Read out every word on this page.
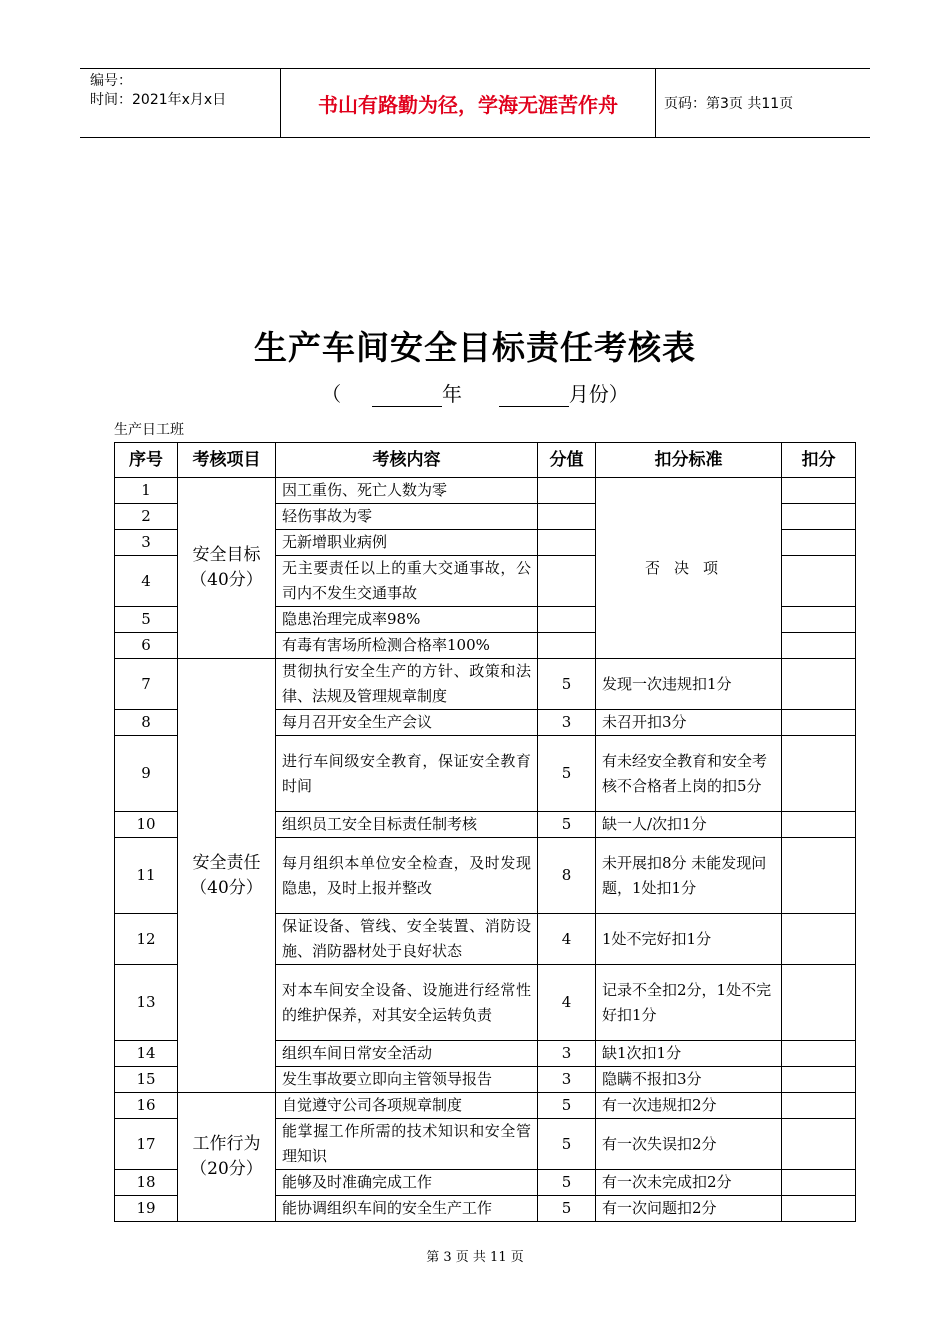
编号：
时间：2021年x月x日	书山有路勤为径，学海无涯苦作舟	页码：第3页 共11页
生产车间安全目标责任考核表
（	年	月份）
生产日工班
序号	考核项目	考核内容	分值	扣分标准	扣分
1	安全目标（40分）	因工重伤、死亡人数为零		否决项	
2		轻伤事故为零			
3		无新增职业病例			
4		无主要责任以上的重大交通事故，公司内不发生交通事故			
5		隐患治理完成率98%			
6		有毒有害场所检测合格率100%			
7	安全责任（40分）	贯彻执行安全生产的方针、政策和法律、法规及管理规章制度	5	发现一次违规扣1分	
8		每月召开安全生产会议	3	未召开扣3分	
9		进行车间级安全教育，保证安全教育时间	5	有未经安全教育和安全考核不合格者上岗的扣5分	
10		组织员工安全目标责任制考核	5	缺一人/次扣1分	
11		每月组织本单位安全检查，及时发现隐患，及时上报并整改	8	未开展扣8分 未能发现问题，1处扣1分	
12		保证设备、管线、安全装置、消防设施、消防器材处于良好状态	4	1处不完好扣1分	
13		对本车间安全设备、设施进行经常性的维护保养，对其安全运转负责	4	记录不全扣2分，1处不完好扣1分	
14		组织车间日常安全活动	3	缺1次扣1分	
15		发生事故要立即向主管领导报告	3	隐瞒不报扣3分	
16	工作行为（20分）	自觉遵守公司各项规章制度	5	有一次违规扣2分	
17		能掌握工作所需的技术知识和安全管理知识	5	有一次失误扣2分	
18		能够及时准确完成工作	5	有一次未完成扣2分	
19		能协调组织车间的安全生产工作	5	有一次问题扣2分	
第 3 页 共 11 页
